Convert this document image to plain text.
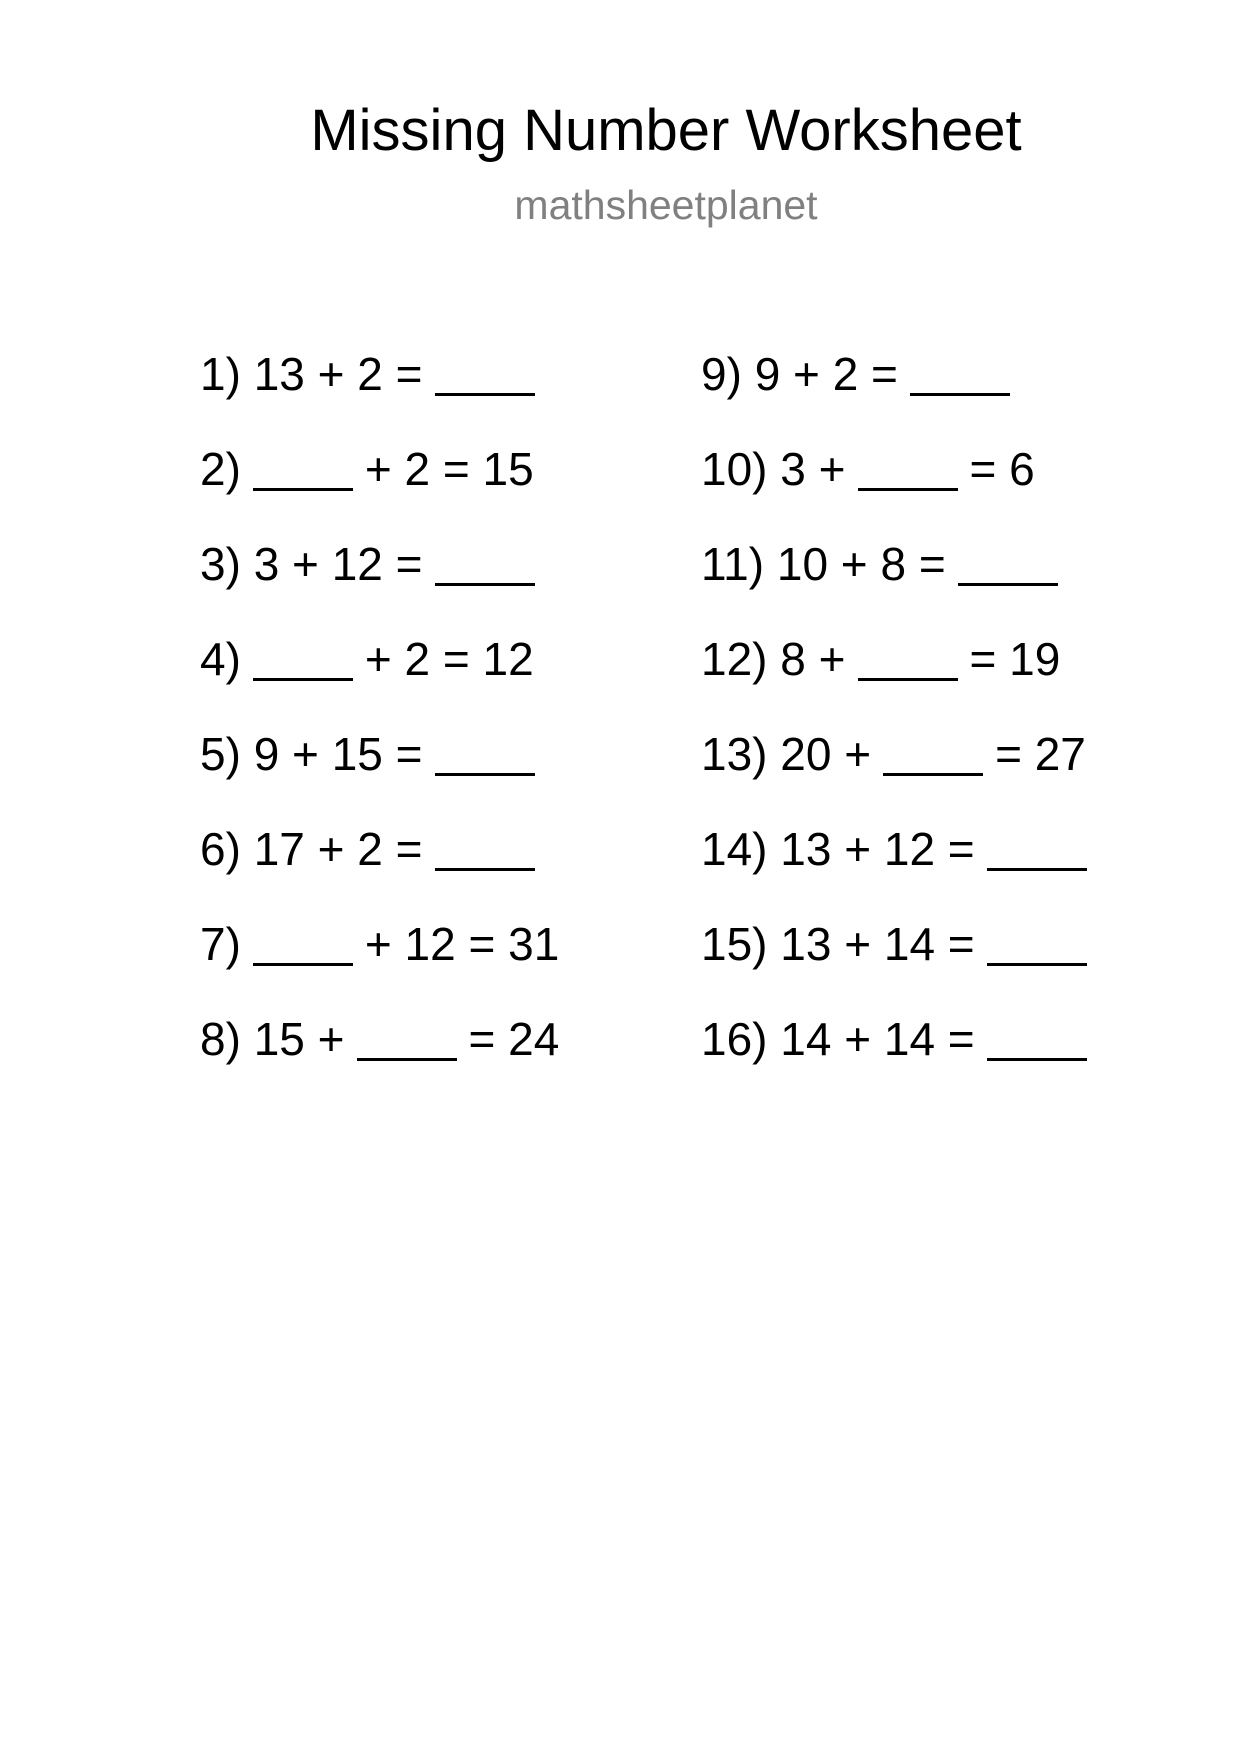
Missing Number Worksheet
mathsheetplanet
1)
13 + 2 =
2)	+ 2 = 15
3)
3 + 12 =
4)	+ 2 = 12
5)
9 + 15 =
6)
17 + 2 =
7)	+ 12 = 31
8)
15 +	= 24
9)
9 + 2 =
10)
3 +	= 6
11)
10 + 8 =
12)
8 +	= 19
13)
20 +	= 27
14)
13 + 12 =
15)
13 + 14 =
16)
14 + 14 =
